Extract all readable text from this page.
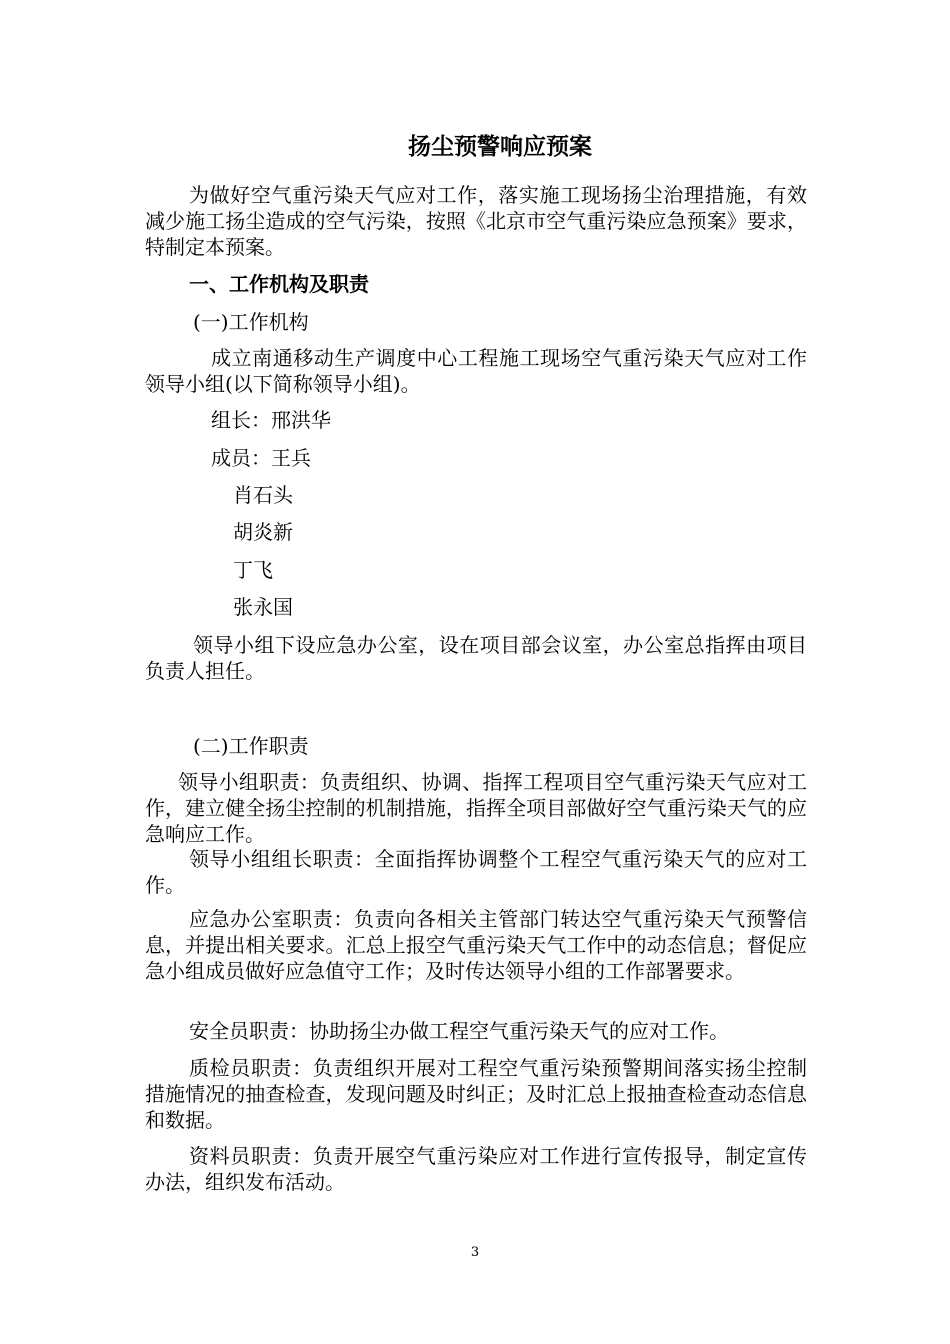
扬尘预警响应预案
为做好空气重污染天气应对工作，落实施工现场扬尘治理措施，有效减少施工扬尘造成的空气污染，按照《北京市空气重污染应急预案》要求，特制定本预案。
一、工作机构及职责
(一)工作机构
成立南通移动生产调度中心工程施工现场空气重污染天气应对工作领导小组(以下简称领导小组)。
组长：邢洪华
成员：王兵
肖石头
胡炎新
丁飞
张永国
领导小组下设应急办公室，设在项目部会议室，办公室总指挥由项目负责人担任。
(二)工作职责
领导小组职责：负责组织、协调、指挥工程项目空气重污染天气应对工作，建立健全扬尘控制的机制措施，指挥全项目部做好空气重污染天气的应急响应工作。
领导小组组长职责：全面指挥协调整个工程空气重污染天气的应对工作。
应急办公室职责：负责向各相关主管部门转达空气重污染天气预警信息，并提出相关要求。汇总上报空气重污染天气工作中的动态信息；督促应急小组成员做好应急值守工作；及时传达领导小组的工作部署要求。
安全员职责：协助扬尘办做工程空气重污染天气的应对工作。
质检员职责：负责组织开展对工程空气重污染预警期间落实扬尘控制措施情况的抽查检查，发现问题及时纠正；及时汇总上报抽查检查动态信息和数据。
资料员职责：负责开展空气重污染应对工作进行宣传报导，制定宣传办法，组织发布活动。
3
